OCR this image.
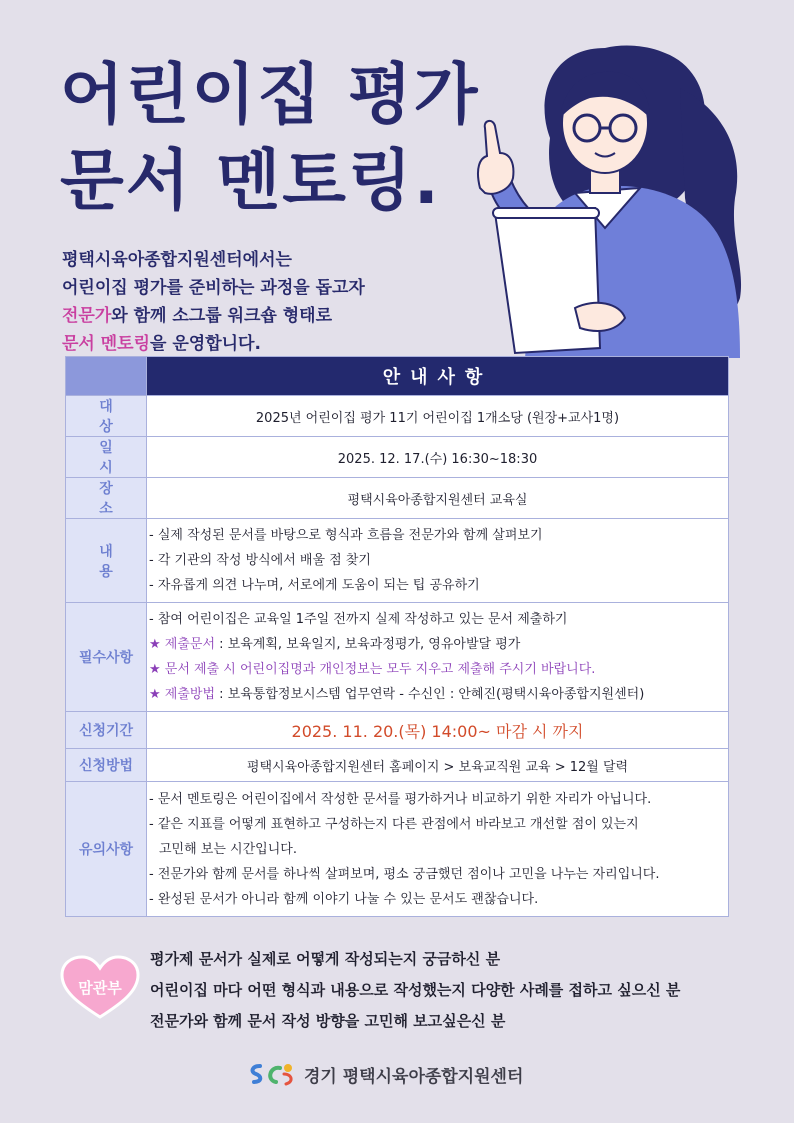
어린이집 평가
문서 멘토링.
평택시육아종합지원센터에서는
어린이집 평가를 준비하는 과정을 돕고자
전문가와 함께 소그룹 워크숍 형태로
문서 멘토링을 운영합니다.
	안내사항
대상	2025년 어린이집 평가 11기 어린이집 1개소당 (원장+교사1명)
일시	2025. 12. 17.(수) 16:30~18:30
장소	평택시육아종합지원센터 교육실
내용	- 실제 작성된 문서를 바탕으로 형식과 흐름을 전문가와 함께 살펴보기
- 각 기관의 작성 방식에서 배울 점 찾기
- 자유롭게 의견 나누며, 서로에게 도움이 되는 팁 공유하기

필수사항	- 참여 어린이집은 교육일 1주일 전까지 실제 작성하고 있는 문서 제출하기
★ 제출문서 : 보육계획, 보육일지, 보육과정평가, 영유아발달 평가
★ 문서 제출 시 어린이집명과 개인정보는 모두 지우고 제출해 주시기 바랍니다.
★ 제출방법 : 보육통합정보시스템 업무연락 - 수신인 : 안혜진(평택시육아종합지원센터)

신청기간	2025. 11. 20.(목) 14:00~ 마감 시 까지
신청방법	평택시육아종합지원센터 홈페이지 > 보육교직원 교육 > 12월 달력
유의사항	- 문서 멘토링은 어린이집에서 작성한 문서를 평가하거나 비교하기 위한 자리가 아닙니다.
- 같은 지표를 어떻게 표현하고 구성하는지 다른 관점에서 바라보고 개선할 점이 있는지
고민해 보는 시간입니다.
- 전문가와 함께 문서를 하나씩 살펴보며, 평소 궁금했던 점이나 고민을 나누는 자리입니다.
- 완성된 문서가 아니라 함께 이야기 나눌 수 있는 문서도 괜찮습니다.
맘관부
평가제 문서가 실제로 어떻게 작성되는지 궁금하신 분
어린이집 마다 어떤 형식과 내용으로 작성했는지 다양한 사례를 접하고 싶으신 분
전문가와 함께 문서 작성 방향을 고민해 보고싶은신 분
경기 평택시육아종합지원센터
